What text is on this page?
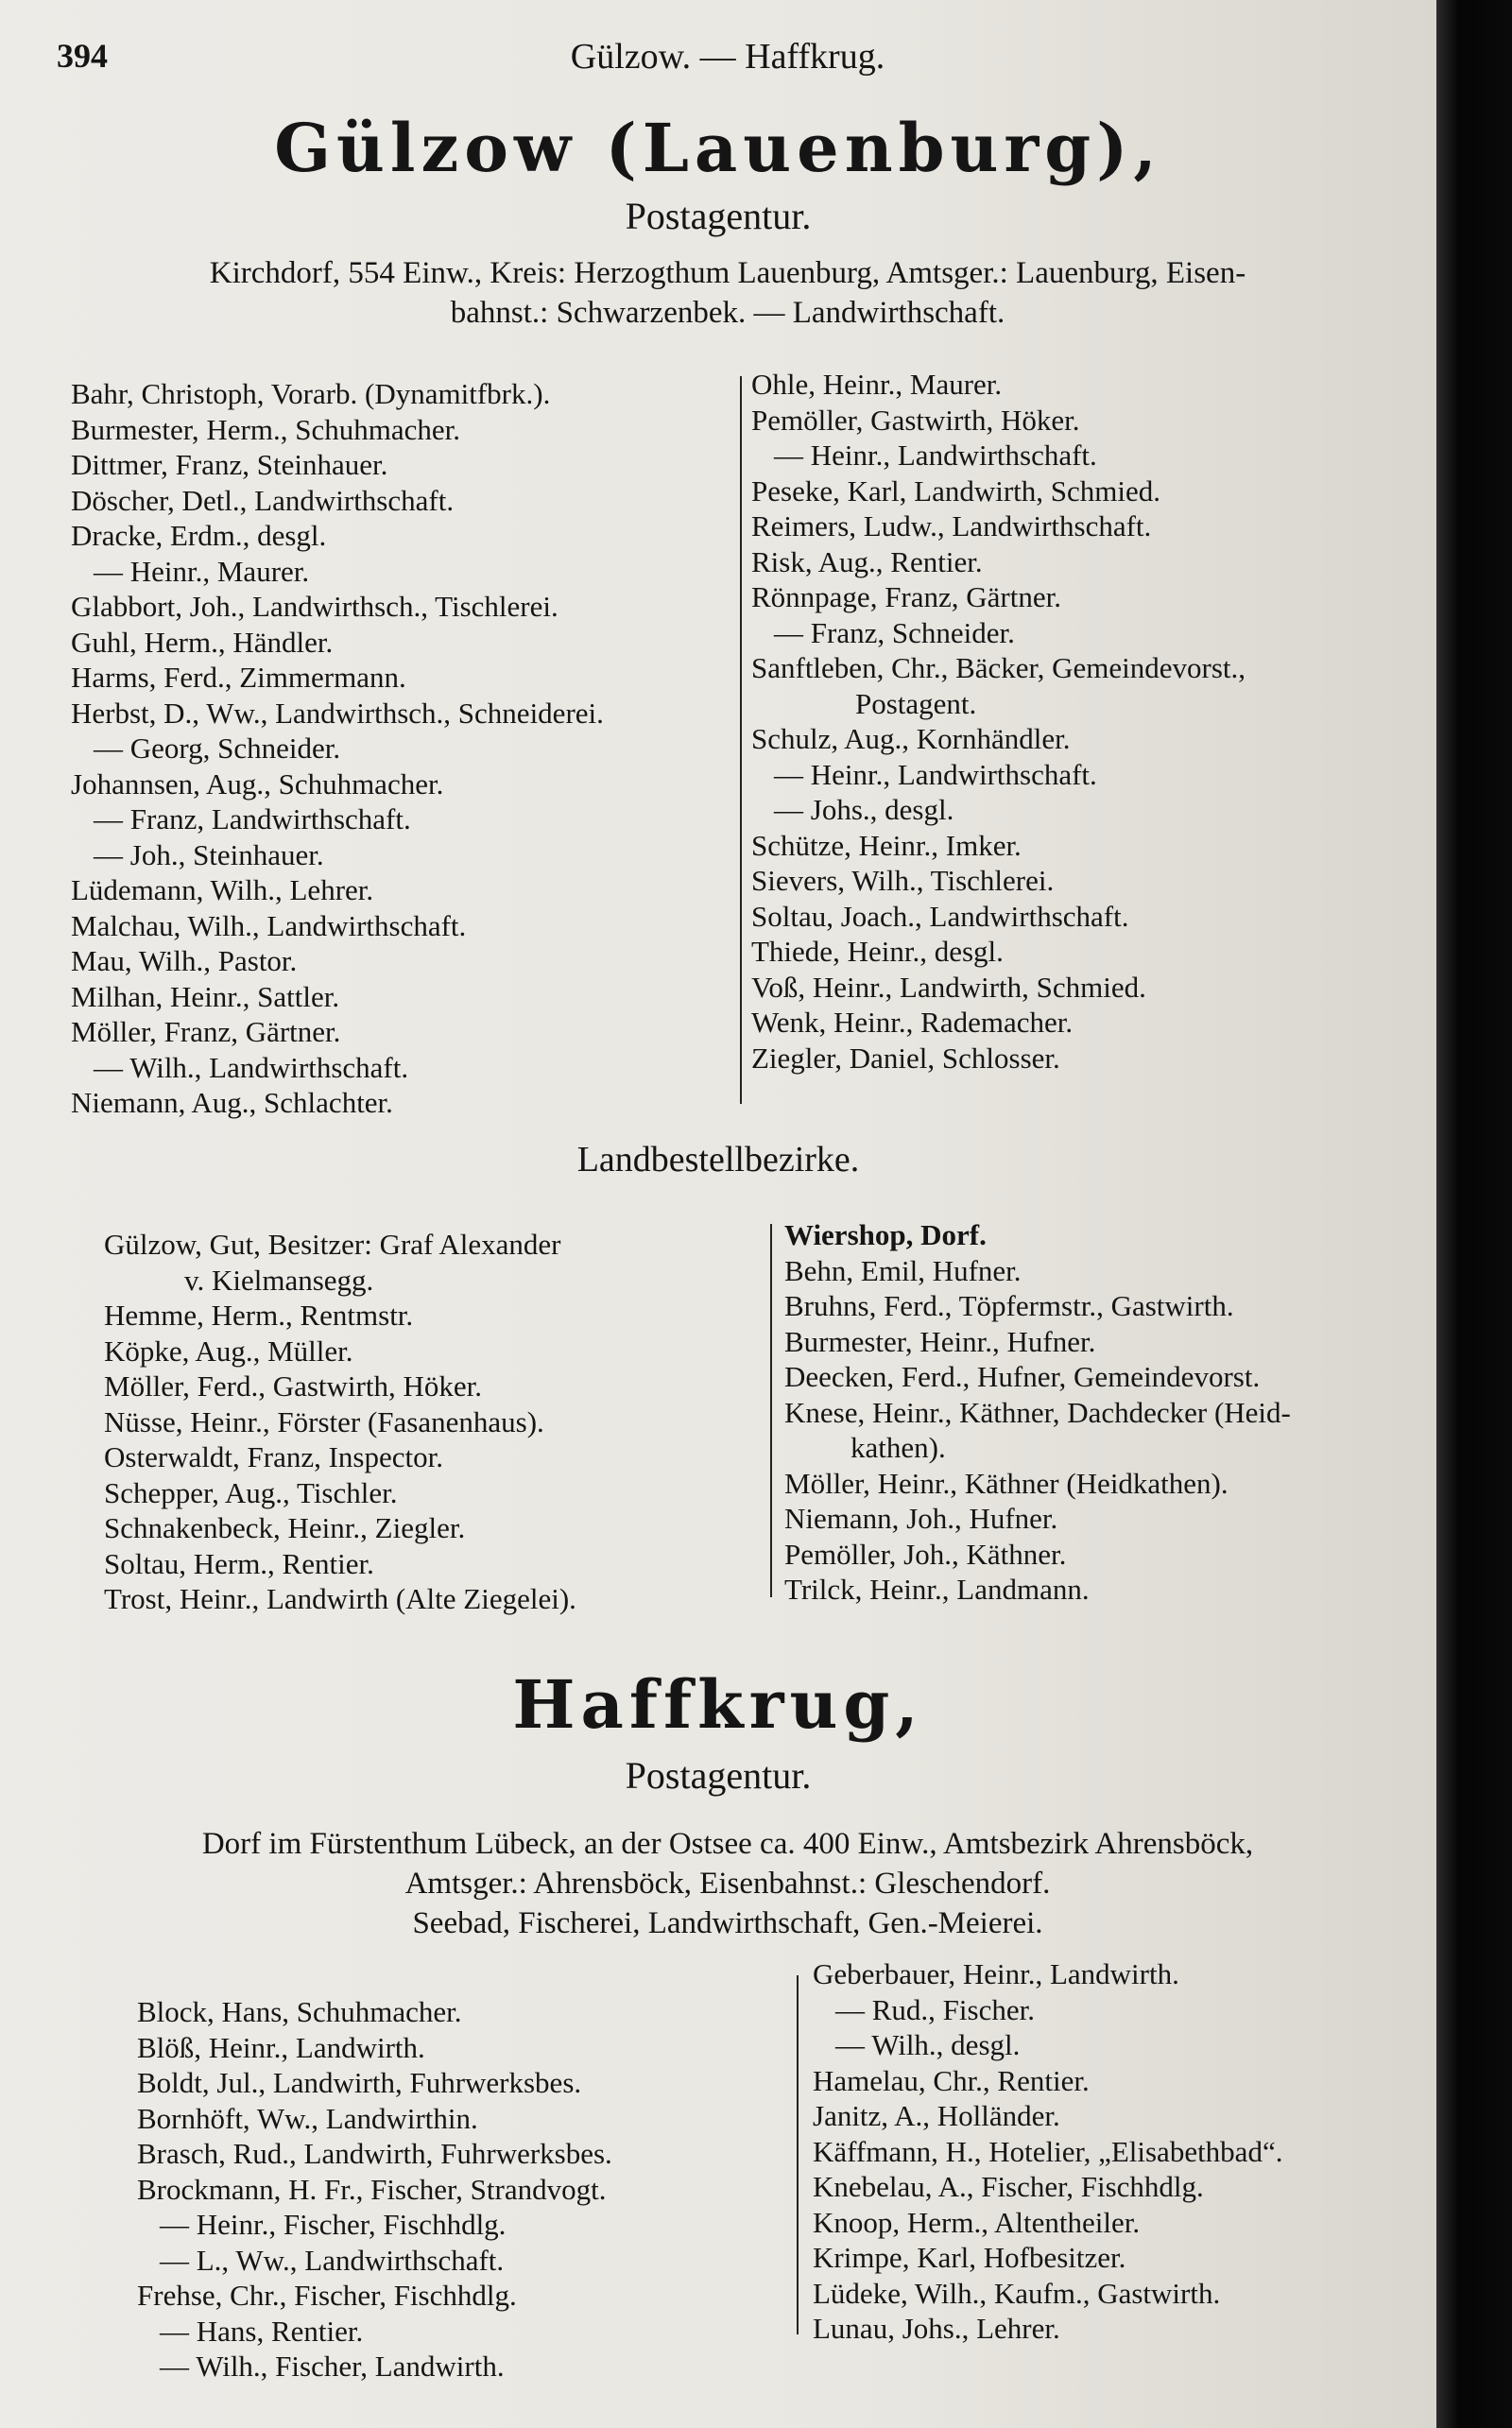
394	Gülzow. — Haffkrug.
Gülzow (Lauenburg),
Postagentur.
Kirchdorf, 554 Einw., Kreis: Herzogthum Lauenburg, Amtsger.: Lauenburg, Eisen-
bahnst.: Schwarzenbek. — Landwirthschaft.
Bahr, Christoph, Vorarb. (Dynamitfbrk.).
Burmester, Herm., Schuhmacher.
Dittmer, Franz, Steinhauer.
Döscher, Detl., Landwirthschaft.
Dracke, Erdm., desgl.
— Heinr., Maurer.
Glabbort, Joh., Landwirthsch., Tischlerei.
Guhl, Herm., Händler.
Harms, Ferd., Zimmermann.
Herbst, D., Ww., Landwirthsch., Schneiderei.
— Georg, Schneider.
Johannsen, Aug., Schuhmacher.
— Franz, Landwirthschaft.
— Joh., Steinhauer.
Lüdemann, Wilh., Lehrer.
Malchau, Wilh., Landwirthschaft.
Mau, Wilh., Pastor.
Milhan, Heinr., Sattler.
Möller, Franz, Gärtner.
— Wilh., Landwirthschaft.
Niemann, Aug., Schlachter.
Ohle, Heinr., Maurer.
Pemöller, Gastwirth, Höker.
— Heinr., Landwirthschaft.
Peseke, Karl, Landwirth, Schmied.
Reimers, Ludw., Landwirthschaft.
Risk, Aug., Rentier.
Rönnpage, Franz, Gärtner.
— Franz, Schneider.
Sanftleben, Chr., Bäcker, Gemeindevorst.,
Postagent.
Schulz, Aug., Kornhändler.
— Heinr., Landwirthschaft.
— Johs., desgl.
Schütze, Heinr., Imker.
Sievers, Wilh., Tischlerei.
Soltau, Joach., Landwirthschaft.
Thiede, Heinr., desgl.
Voß, Heinr., Landwirth, Schmied.
Wenk, Heinr., Rademacher.
Ziegler, Daniel, Schlosser.
Landbestellbezirke.
Gülzow, Gut, Besitzer: Graf Alexander
v. Kielmansegg.
Hemme, Herm., Rentmstr.
Köpke, Aug., Müller.
Möller, Ferd., Gastwirth, Höker.
Nüsse, Heinr., Förster (Fasanenhaus).
Osterwaldt, Franz, Inspector.
Schepper, Aug., Tischler.
Schnakenbeck, Heinr., Ziegler.
Soltau, Herm., Rentier.
Trost, Heinr., Landwirth (Alte Ziegelei).
Wiershop, Dorf.
Behn, Emil, Hufner.
Bruhns, Ferd., Töpfermstr., Gastwirth.
Burmester, Heinr., Hufner.
Deecken, Ferd., Hufner, Gemeindevorst.
Knese, Heinr., Käthner, Dachdecker (Heid-
kathen).
Möller, Heinr., Käthner (Heidkathen).
Niemann, Joh., Hufner.
Pemöller, Joh., Käthner.
Trilck, Heinr., Landmann.
Haffkrug,
Postagentur.
Dorf im Fürstenthum Lübeck, an der Ostsee ca. 400 Einw., Amtsbezirk Ahrensböck,
Amtsger.: Ahrensböck, Eisenbahnst.: Gleschendorf.
Seebad, Fischerei, Landwirthschaft, Gen.-Meierei.
Block, Hans, Schuhmacher.
Blöß, Heinr., Landwirth.
Boldt, Jul., Landwirth, Fuhrwerksbes.
Bornhöft, Ww., Landwirthin.
Brasch, Rud., Landwirth, Fuhrwerksbes.
Brockmann, H. Fr., Fischer, Strandvogt.
— Heinr., Fischer, Fischhdlg.
— L., Ww., Landwirthschaft.
Frehse, Chr., Fischer, Fischhdlg.
— Hans, Rentier.
— Wilh., Fischer, Landwirth.
Geberbauer, Heinr., Landwirth.
— Rud., Fischer.
— Wilh., desgl.
Hamelau, Chr., Rentier.
Janitz, A., Holländer.
Käffmann, H., Hotelier, „Elisabethbad“.
Knebelau, A., Fischer, Fischhdlg.
Knoop, Herm., Altentheiler.
Krimpe, Karl, Hofbesitzer.
Lüdeke, Wilh., Kaufm., Gastwirth.
Lunau, Johs., Lehrer.
